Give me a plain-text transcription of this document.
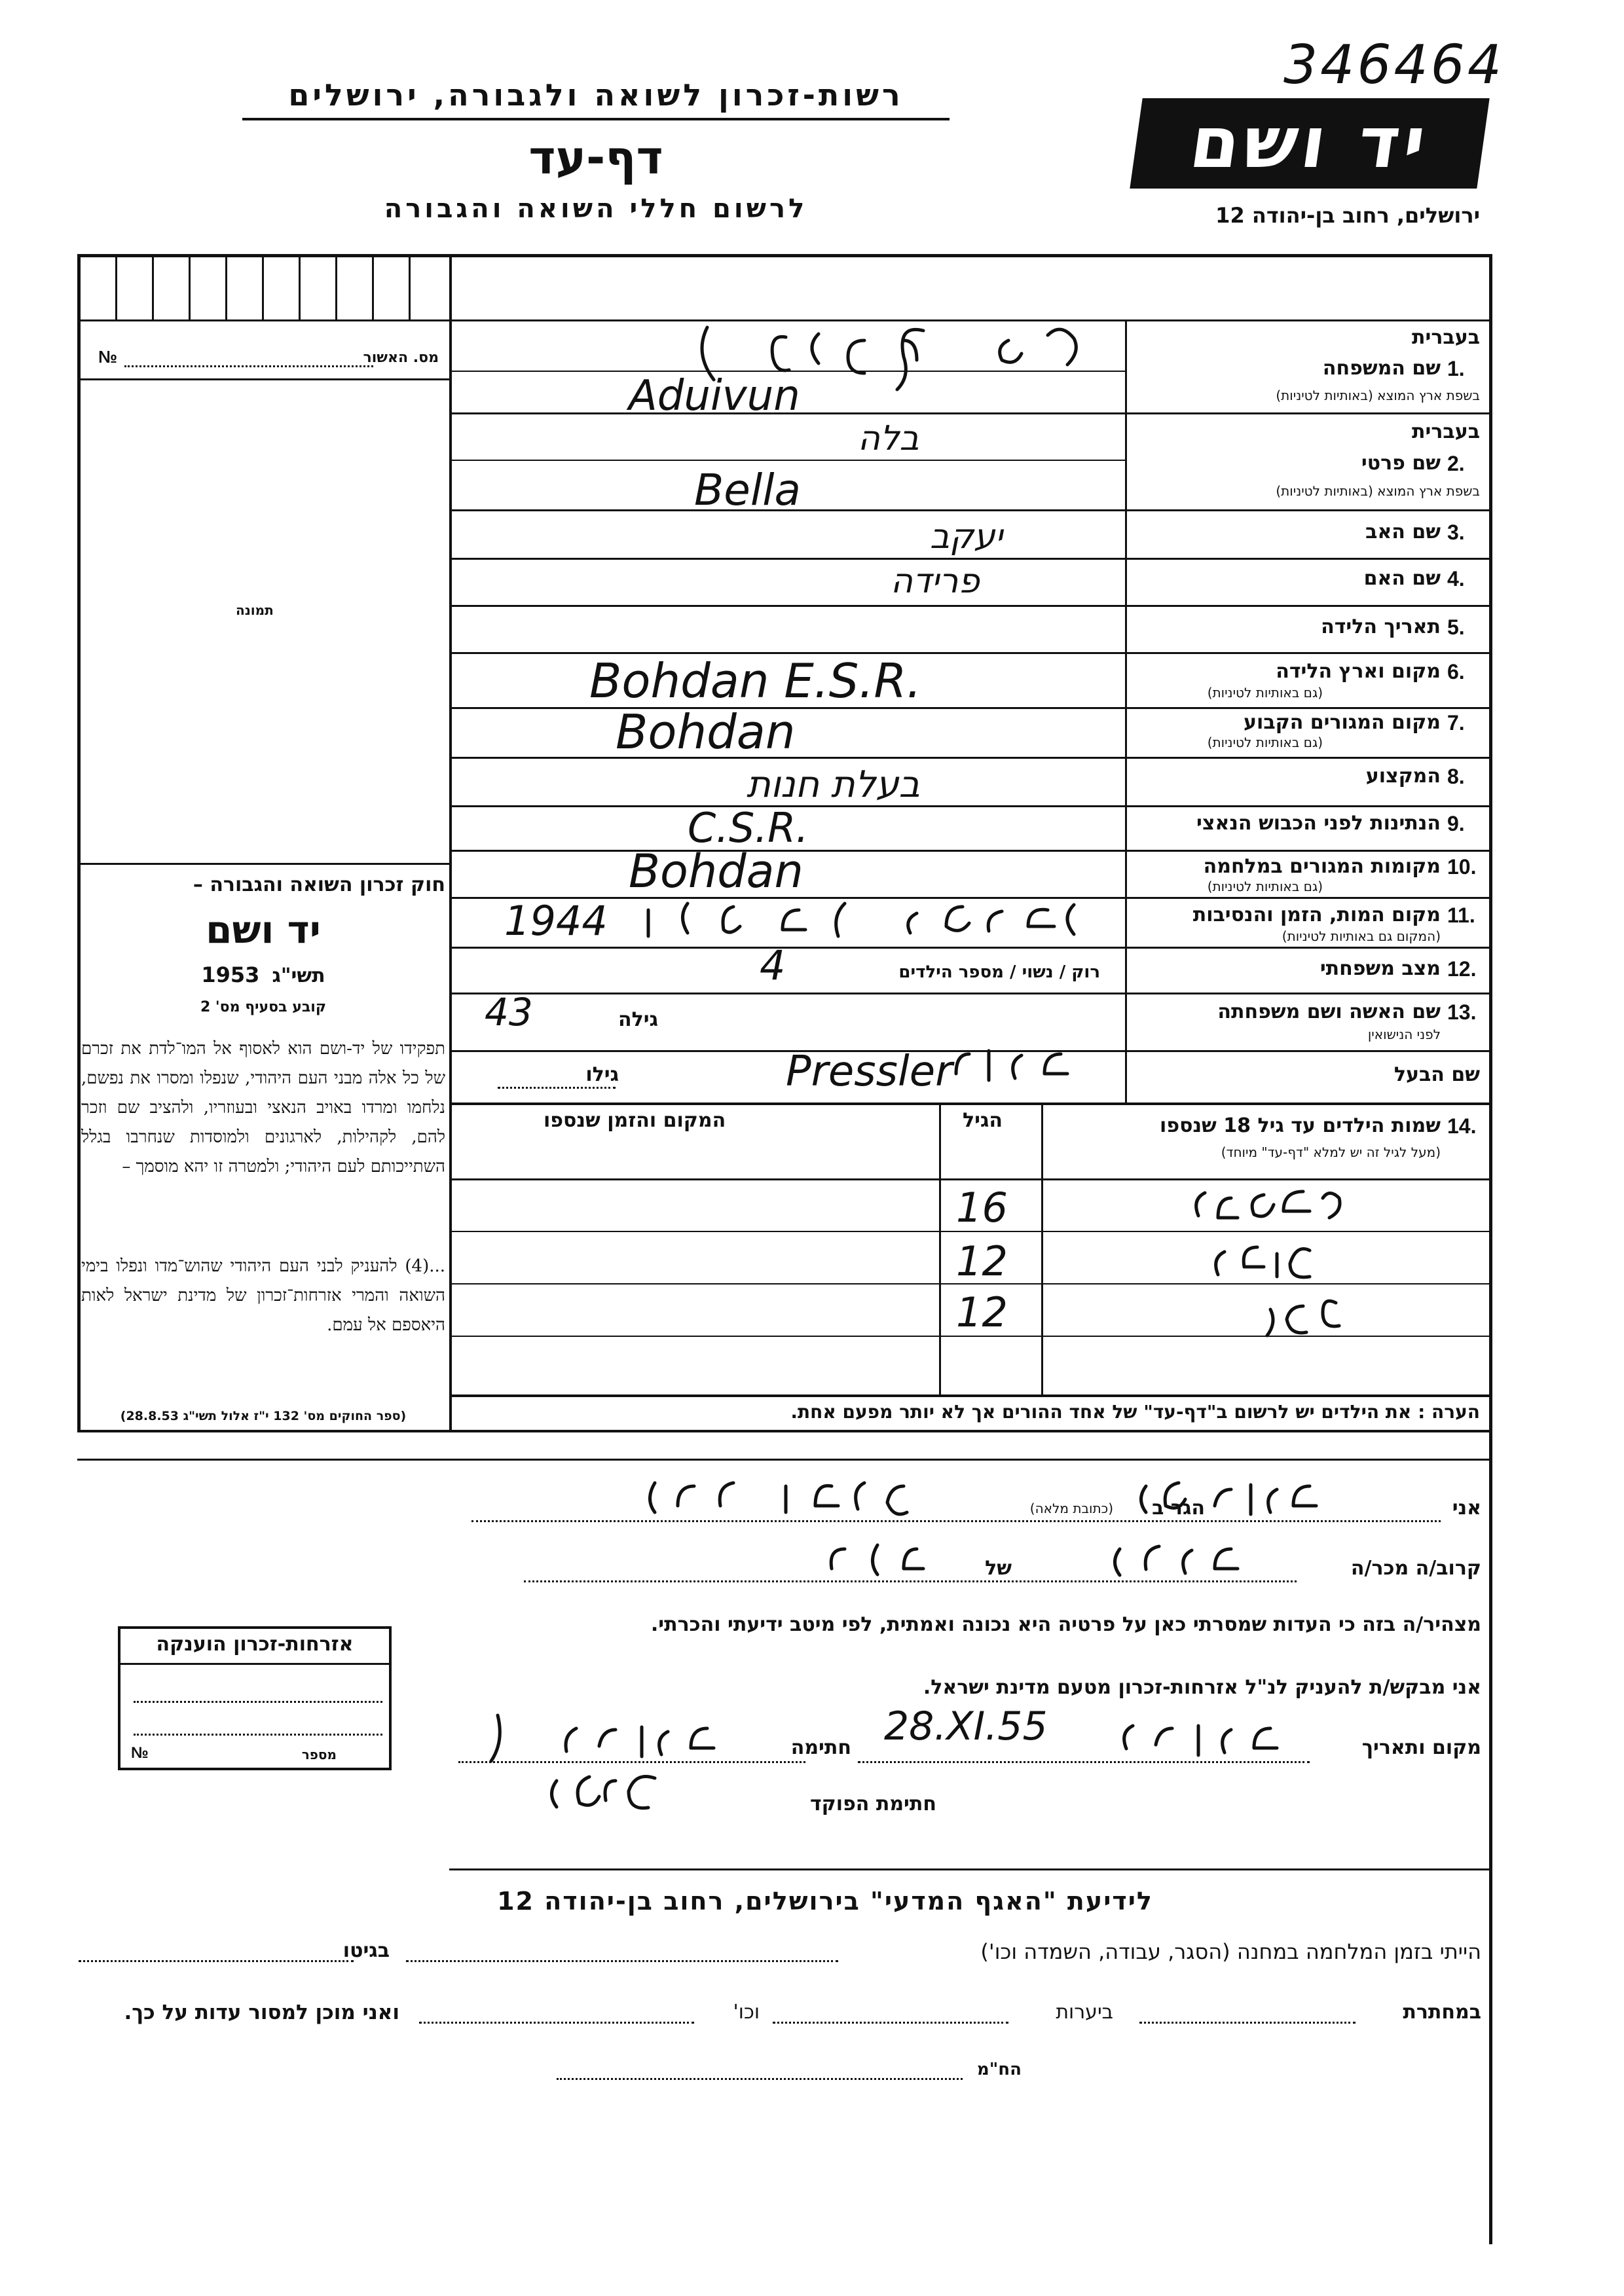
346464
רשות-זכרון לשואה ולגבורה, ירושלים
דף-עד
לרשום חללי השואה והגבורה
יד ושם
ירושלים, רחוב בן-יהודה 12
מס. האשור
№
תמונה
חוק זכרון השואה והגבורה –
יד ושם
1953 תשי"ג
קובע בסעיף מס' 2
תפקידו של יד-ושם הוא לאסוף אל המו־לדת את זכרם של כל אלה מבני העם היהודי, שנפלו ומסרו את נפשם, נלחמו ומרדו באויב הנאצי ובעוזריו, ולהציב שם וזכר להם, לקהילות, לארגונים ולמוסדות שנחרבו בגלל השתייכותם לעם היהודי; ולמטרה זו יהא מוסמך –
...(4) להעניק לבני העם היהודי שהוש־מדו ונפלו בימי השואה והמרי אזרחות־זכרון של מדינת ישראל לאות היאספם אל עמם.
(ספר החוקים מס' 132 י"ז אלול תשי"ג 28.8.53)
בעברית
1.
שם המשפחה
בשפת ארץ המוצא (באותיות לטיניות)
Aduivun
בעברית
2.
שם פרטי
בשפת ארץ המוצא (באותיות לטיניות)
בלה
Bella
3.
שם האב
יעקב
4.
שם האם
פרידה
5.
תאריך הלידה
6.
מקום וארץ הלידה
(גם באותיות לטיניות)
Bohdan E.S.R.
7.
מקום המגורים הקבוע
(גם באותיות לטיניות)
Bohdan
8.
המקצוע
בעלת חנות
9.
הנתינות לפני הכבוש הנאצי
C.S.R.
10.
מקומות המגורים במלחמה
(גם באותיות לטיניות)
Bohdan
11.
מקום המות, הזמן והנסיבות
(המקום גם באותיות לטיניות)
1944
12.
מצב משפחתי
רוק / נשוי / מספר הילדים
4
13.
שם האשה ושם משפחתה
לפני הנישואין
גילה
43
שם הבעל
גילו	Pressler
14.
שמות הילדים עד גיל 18 שנספו
(מעל לגיל זה יש למלא "דף-עד" מיוחד)
הגיל
המקום והזמן שנספו
16
12
12
הערה : את הילדים יש לרשום ב"דף-עד" של אחד ההורים אך לא יותר מפעם אחת.
אני
הגר ב
(כתובת מלאה)
קרוב/ה מכר/ה
של
מצהיר/ה בזה כי העדות שמסרתי כאן על פרטיה היא נכונה ואמתית, לפי מיטב ידיעתי והכרתי.
אני מבקש/ת להעניק לנ"ל אזרחות-זכרון מטעם מדינת ישראל.
מקום ותאריך
28.XI.55
חתימה
חתימת הפוקד
אזרחות-זכרון הוענקה
מספר
№
לידיעת "האגף המדעי" בירושלים, רחוב בן-יהודה 12
הייתי בזמן המלחמה במחנה (הסגר, עבודה, השמדה וכו')
בגיטו
במחתרת
ביערות
וכו'
ואני מוכן למסור עדות על כך.
הח"מ
